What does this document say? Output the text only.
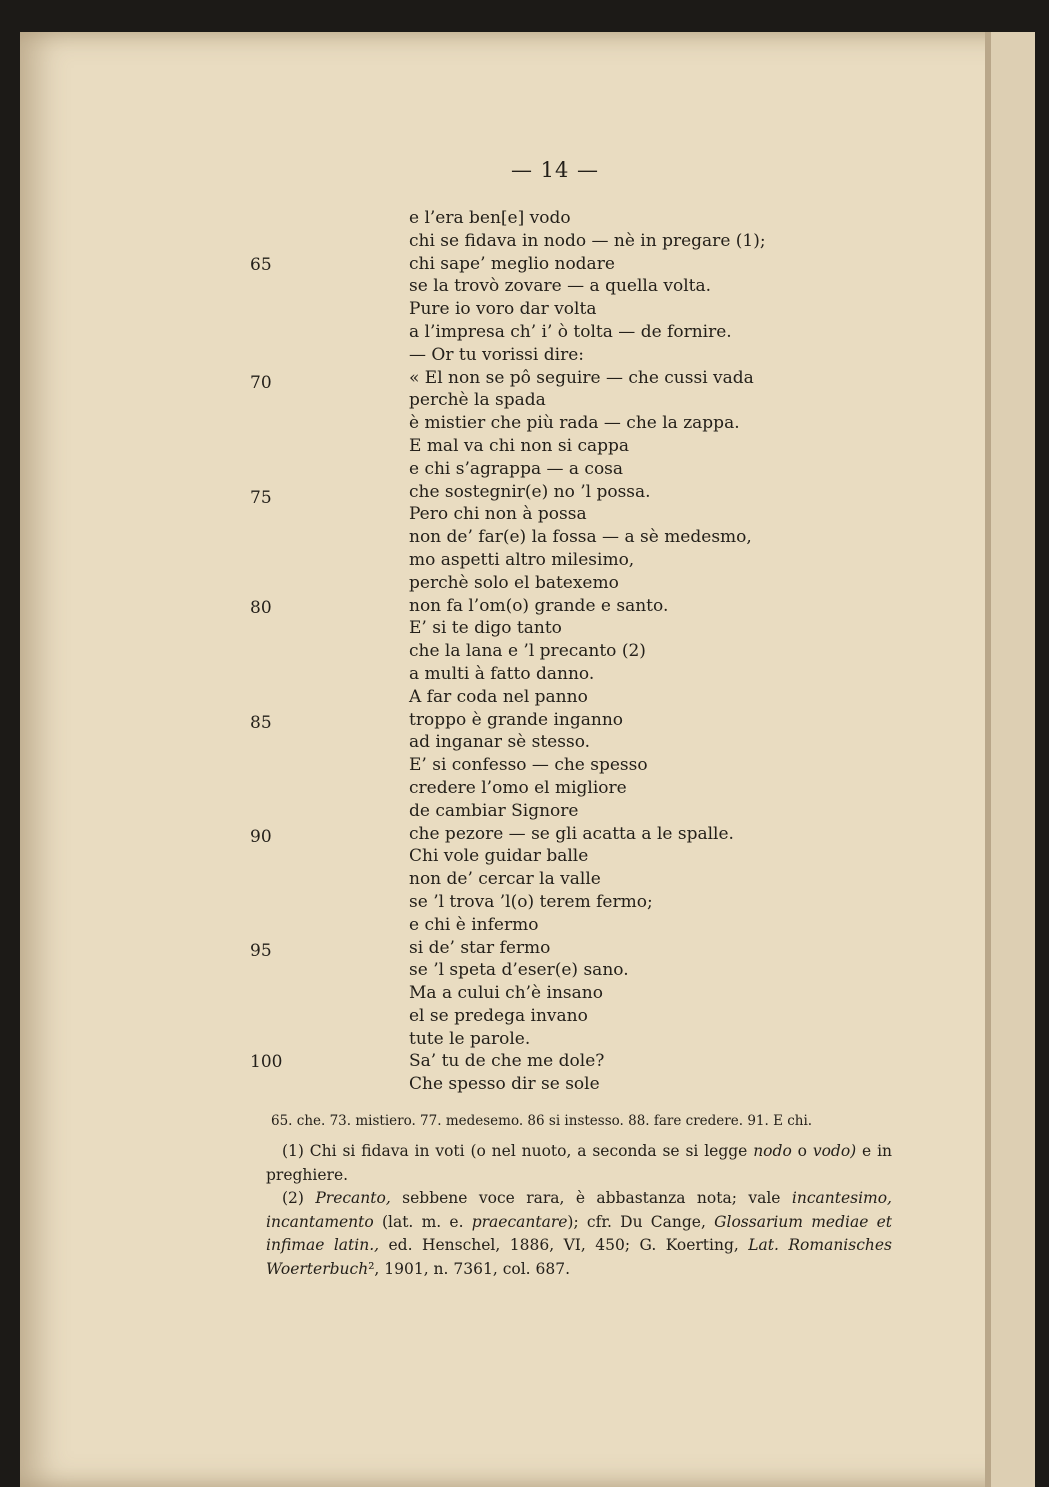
— 14 —
e l’era ben[e] vodo
chi se fidava in nodo — nè in pregare (1);
chi sape’ meglio nodare
se la trovò zovare — a quella volta.
Pure io voro dar volta
a l’impresa ch’ i’ ò tolta — de fornire.
— Or tu vorissi dire:
« El non se pô seguire — che cussi vada
perchè la spada
è mistier che più rada — che la zappa.
E mal va chi non si cappa
e chi s’agrappa — a cosa
che sostegnir(e) no ’l possa.
Pero chi non à possa
non de’ far(e) la fossa — a sè medesmo,
mo aspetti altro milesimo,
perchè solo el batexemo
non fa l’om(o) grande e santo.
E’ si te digo tanto
che la lana e ’l precanto (2)
a multi à fatto danno.
A far coda nel panno
troppo è grande inganno
ad inganar sè stesso.
E’ si confesso — che spesso
credere l’omo el migliore
de cambiar Signore
che pezore — se gli acatta a le spalle.
Chi vole guidar balle
non de’ cercar la valle
se ’l trova ’l(o) terem fermo;
e chi è infermo
si de’ star fermo
se ’l speta d’eser(e) sano.
Ma a cului ch’è insano
el se predega invano
tute le parole.
Sa’ tu de che me dole?
Che spesso dir se sole
65
70
75
80
85
90
95
100
65. che. 73. mistiero. 77. medesemo. 86 si instesso. 88. fare credere. 91. E chi.

(1) Chi si fidava in voti (o nel nuoto, a seconda se si legge nodo o vodo) e in preghiere.

(2) Precanto, sebbene voce rara, è abbastanza nota; vale incantesimo, incantamento (lat. m. e. praecantare); cfr. Du Cange, Glossarium mediae et infimae latin., ed. Henschel, 1886, VI, 450; G. Koerting, Lat. Romanisches Woerterbuch², 1901, n. 7361, col. 687.
